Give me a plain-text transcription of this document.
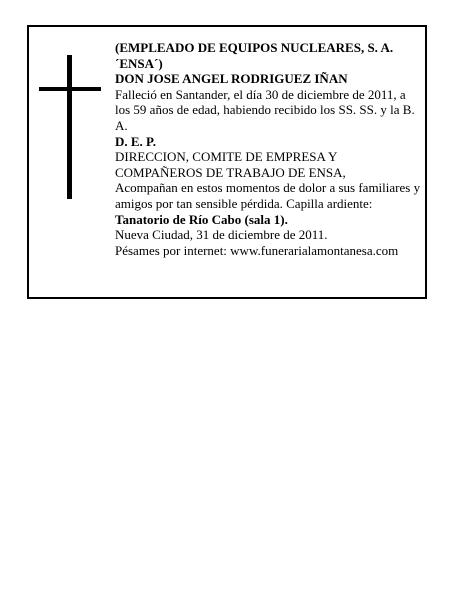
(EMPLEADO DE EQUIPOS NUCLEARES, S. A. ´ENSA´)

DON JOSE ANGEL RODRIGUEZ IÑAN

Falleció en Santander, el día 30 de diciembre de 2011, a los 59 años de edad, habiendo recibido los SS. SS. y la B. A.

D. E. P.

DIRECCION, COMITE DE EMPRESA Y COMPAÑEROS DE TRABAJO DE ENSA,

Acompañan en estos momentos de dolor a sus familiares y amigos por tan sensible pérdida. Capilla ardiente: Tanatorio de Río Cabo (sala 1).

Nueva Ciudad, 31 de diciembre de 2011.

Pésames por internet: www.funerarialamontanesa.com
